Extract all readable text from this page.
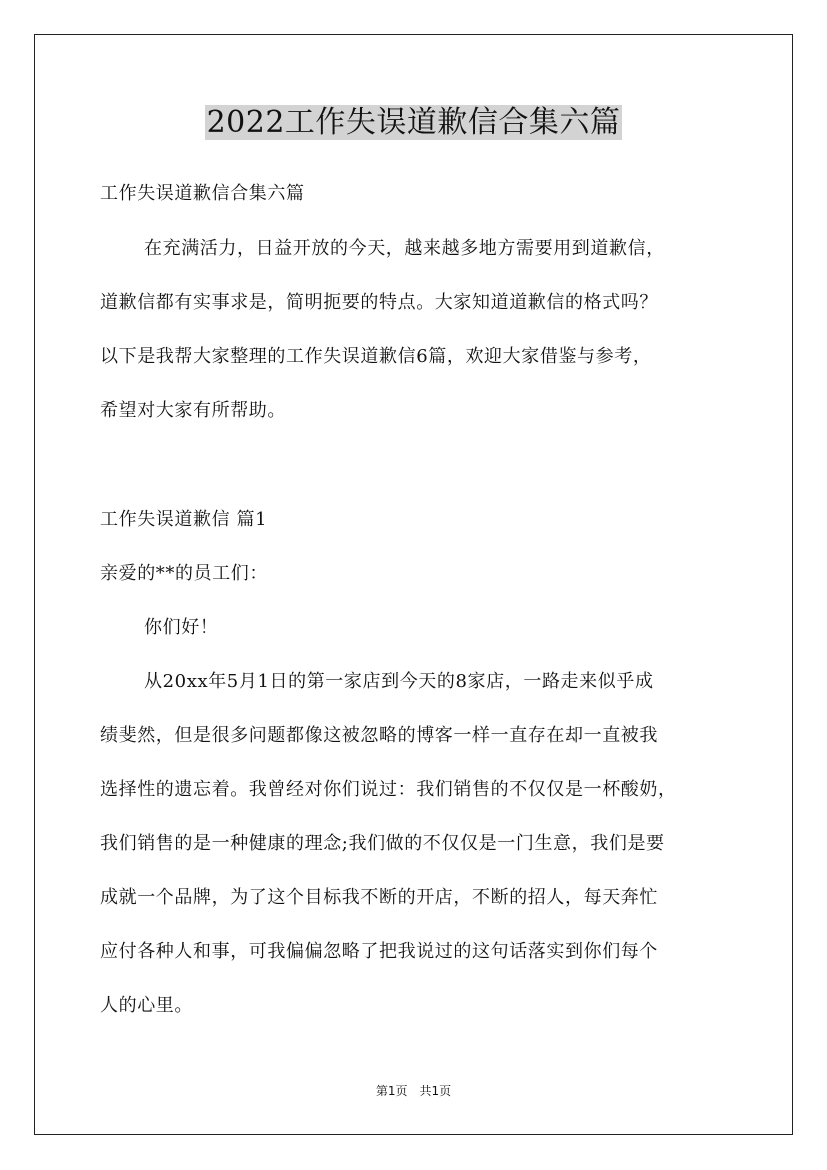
2022工作失误道歉信合集六篇
工作失误道歉信合集六篇
在充满活力，日益开放的今天，越来越多地方需要用到道歉信，
道歉信都有实事求是，简明扼要的特点。大家知道道歉信的格式吗？
以下是我帮大家整理的工作失误道歉信6篇，欢迎大家借鉴与参考，
希望对大家有所帮助。
工作失误道歉信 篇1
亲爱的**的员工们：
你们好！
从20xx年5月1日的第一家店到今天的8家店，一路走来似乎成
绩斐然，但是很多问题都像这被忽略的博客一样一直存在却一直被我
选择性的遗忘着。我曾经对你们说过：我们销售的不仅仅是一杯酸奶，
我们销售的是一种健康的理念;我们做的不仅仅是一门生意，我们是要
成就一个品牌，为了这个目标我不断的开店，不断的招人，每天奔忙
应付各种人和事，可我偏偏忽略了把我说过的这句话落实到你们每个
人的心里。
第1页　共1页
